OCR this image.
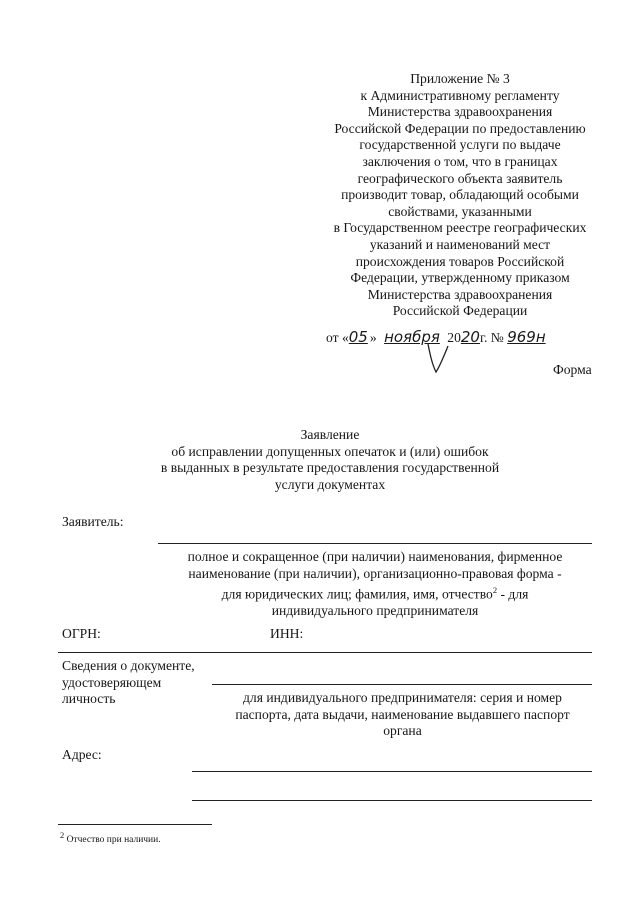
Приложение № 3
к Административному регламенту
Министерства здравоохранения
Российской Федерации по предоставлению
государственной услуги по выдаче
заключения о том, что в границах
географического объекта заявитель
производит товар, обладающий особыми
свойствами, указанными
в Государственном реестре географических
указаний и наименований мест
происхождения товаров Российской
Федерации, утвержденному приказом
Министерства здравоохранения
Российской Федерации
от «05 » ноября 2020г. № 969н
Форма
Заявление
об исправлении допущенных опечаток и (или) ошибок
в выданных в результате предоставления государственной
услуги документах
Заявитель:
полное и сокращенное (при наличии) наименования, фирменное
наименование (при наличии), организационно-правовая форма -
для юридических лиц; фамилия, имя, отчество$^2$ - для
индивидуального предпринимателя
ОГРН:	ИНН:
Сведения о документе,
удостоверяющем
личность	для индивидуального предпринимателя: серия и номер
паспорта, дата выдачи, наименование выдавшего паспорт
органа
Адрес:
$^2$ Отчество при наличии.
